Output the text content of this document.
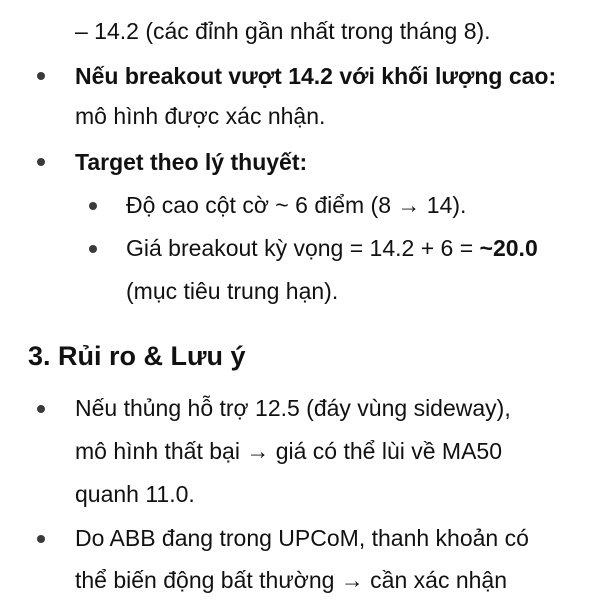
– 14.2 (các đỉnh gần nhất trong tháng 8).
Nếu breakout vượt 14.2 với khối lượng cao:
mô hình được xác nhận.
Target theo lý thuyết:
Độ cao cột cờ ~ 6 điểm (8 → 14).
Giá breakout kỳ vọng = 14.2 + 6 = ~20.0
(mục tiêu trung hạn).
3. Rủi ro & Lưu ý
Nếu thủng hỗ trợ 12.5 (đáy vùng sideway),
mô hình thất bại → giá có thể lùi về MA50
quanh 11.0.
Do ABB đang trong UPCoM, thanh khoản có
thể biến động bất thường → cần xác nhận
